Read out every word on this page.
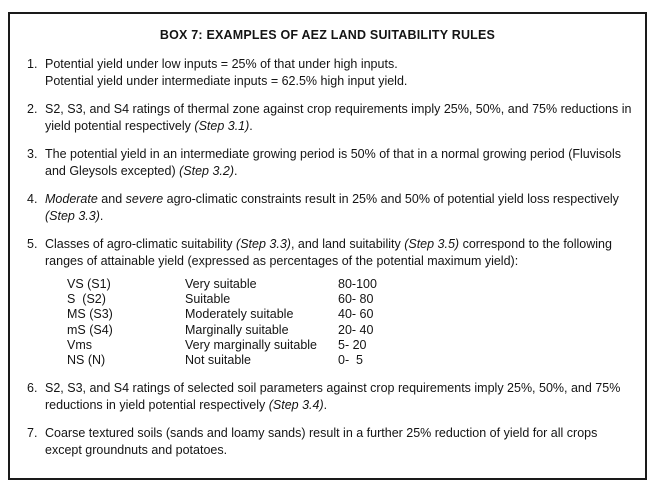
BOX 7: EXAMPLES OF AEZ LAND SUITABILITY RULES
1. Potential yield under low inputs = 25% of that under high inputs.

Potential yield under intermediate inputs = 62.5% high input yield.

2. S2, S3, and S4 ratings of thermal zone against crop requirements imply 25%, 50%, and 75% reductions in yield potential respectively (Step 3.1).

3. The potential yield in an intermediate growing period is 50% of that in a normal growing period (Fluvisols and Gleysols excepted) (Step 3.2).

4. Moderate and severe agro-climatic constraints result in 25% and 50% of potential yield loss respectively (Step 3.3).

5. Classes of agro-climatic suitability (Step 3.3), and land suitability (Step 3.5) correspond to the following ranges of attainable yield (expressed as percentages of the potential maximum yield):

VS (S1)	Very suitable	80-100
S  (S2)	Suitable	60- 80
MS (S3)	Moderately suitable	40- 60
mS (S4)	Marginally suitable	20- 40
Vms	Very marginally suitable	5- 20
NS (N)	Not suitable	0-  5
6. S2, S3, and S4 ratings of selected soil parameters against crop requirements imply 25%, 50%, and 75% reductions in yield potential respectively (Step 3.4).

7. Coarse textured soils (sands and loamy sands) result in a further 25% reduction of yield for all crops except groundnuts and potatoes.
